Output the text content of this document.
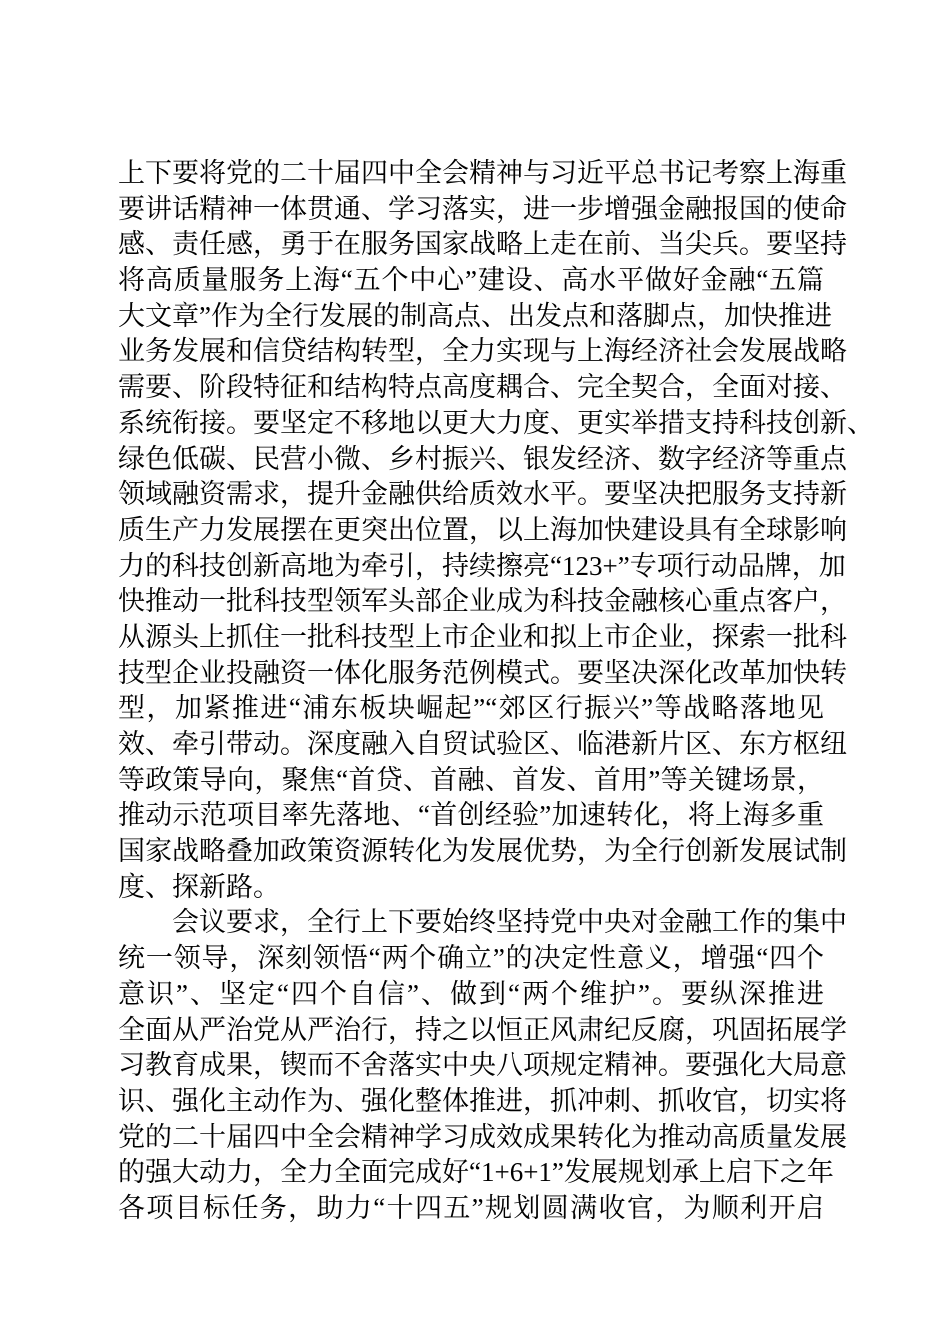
上下要将党的二十届四中全会精神与习近平总书记考察上海重
要讲话精神一体贯通、学习落实，进一步增强金融报国的使命
感、责任感，勇于在服务国家战略上走在前、当尖兵。要坚持
将高质量服务上海“五个中心”建设、高水平做好金融“五篇
大文章”作为全行发展的制高点、出发点和落脚点，加快推进
业务发展和信贷结构转型，全力实现与上海经济社会发展战略
需要、阶段特征和结构特点高度耦合、完全契合，全面对接、
系统衔接。要坚定不移地以更大力度、更实举措支持科技创新、
绿色低碳、民营小微、乡村振兴、银发经济、数字经济等重点
领域融资需求，提升金融供给质效水平。要坚决把服务支持新
质生产力发展摆在更突出位置，以上海加快建设具有全球影响
力的科技创新高地为牵引，持续擦亮“123+”专项行动品牌，加
快推动一批科技型领军头部企业成为科技金融核心重点客户，
从源头上抓住一批科技型上市企业和拟上市企业，探索一批科
技型企业投融资一体化服务范例模式。要坚决深化改革加快转
型，加紧推进“浦东板块崛起”“郊区行振兴”等战略落地见
效、牵引带动。深度融入自贸试验区、临港新片区、东方枢纽
等政策导向，聚焦“首贷、首融、首发、首用”等关键场景，
推动示范项目率先落地、“首创经验”加速转化，将上海多重
国家战略叠加政策资源转化为发展优势，为全行创新发展试制
度、探新路。
会议要求，全行上下要始终坚持党中央对金融工作的集中
统一领导，深刻领悟“两个确立”的决定性意义，增强“四个
意识”、坚定“四个自信”、做到“两个维护”。要纵深推进
全面从严治党从严治行，持之以恒正风肃纪反腐，巩固拓展学
习教育成果，锲而不舍落实中央八项规定精神。要强化大局意
识、强化主动作为、强化整体推进，抓冲刺、抓收官，切实将
党的二十届四中全会精神学习成效成果转化为推动高质量发展
的强大动力，全力全面完成好“1+6+1”发展规划承上启下之年
各项目标任务，助力“十四五”规划圆满收官，为顺利开启
